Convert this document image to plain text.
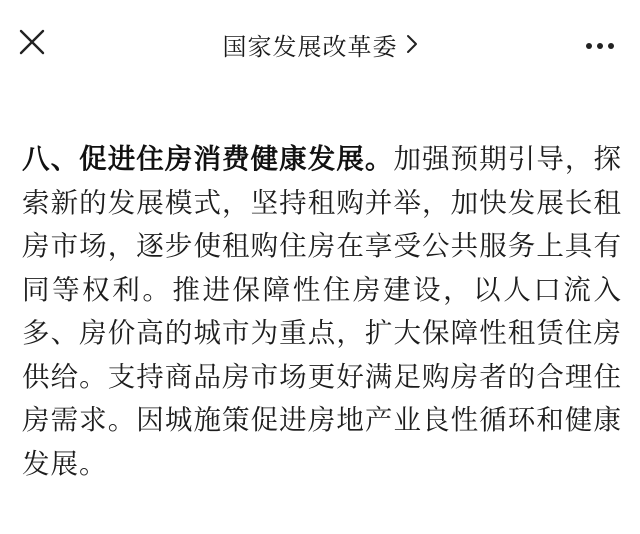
国家发展改革委
八、促进住房消费健康发展。加强预期引导，探索新的发展模式，坚持租购并举，加快发展长租房市场，逐步使租购住房在享受公共服务上具有同等权利。推进保障性住房建设，以人口流入多、房价高的城市为重点，扩大保障性租赁住房供给。支持商品房市场更好满足购房者的合理住房需求。因城施策促进房地产业良性循环和健康发展。
